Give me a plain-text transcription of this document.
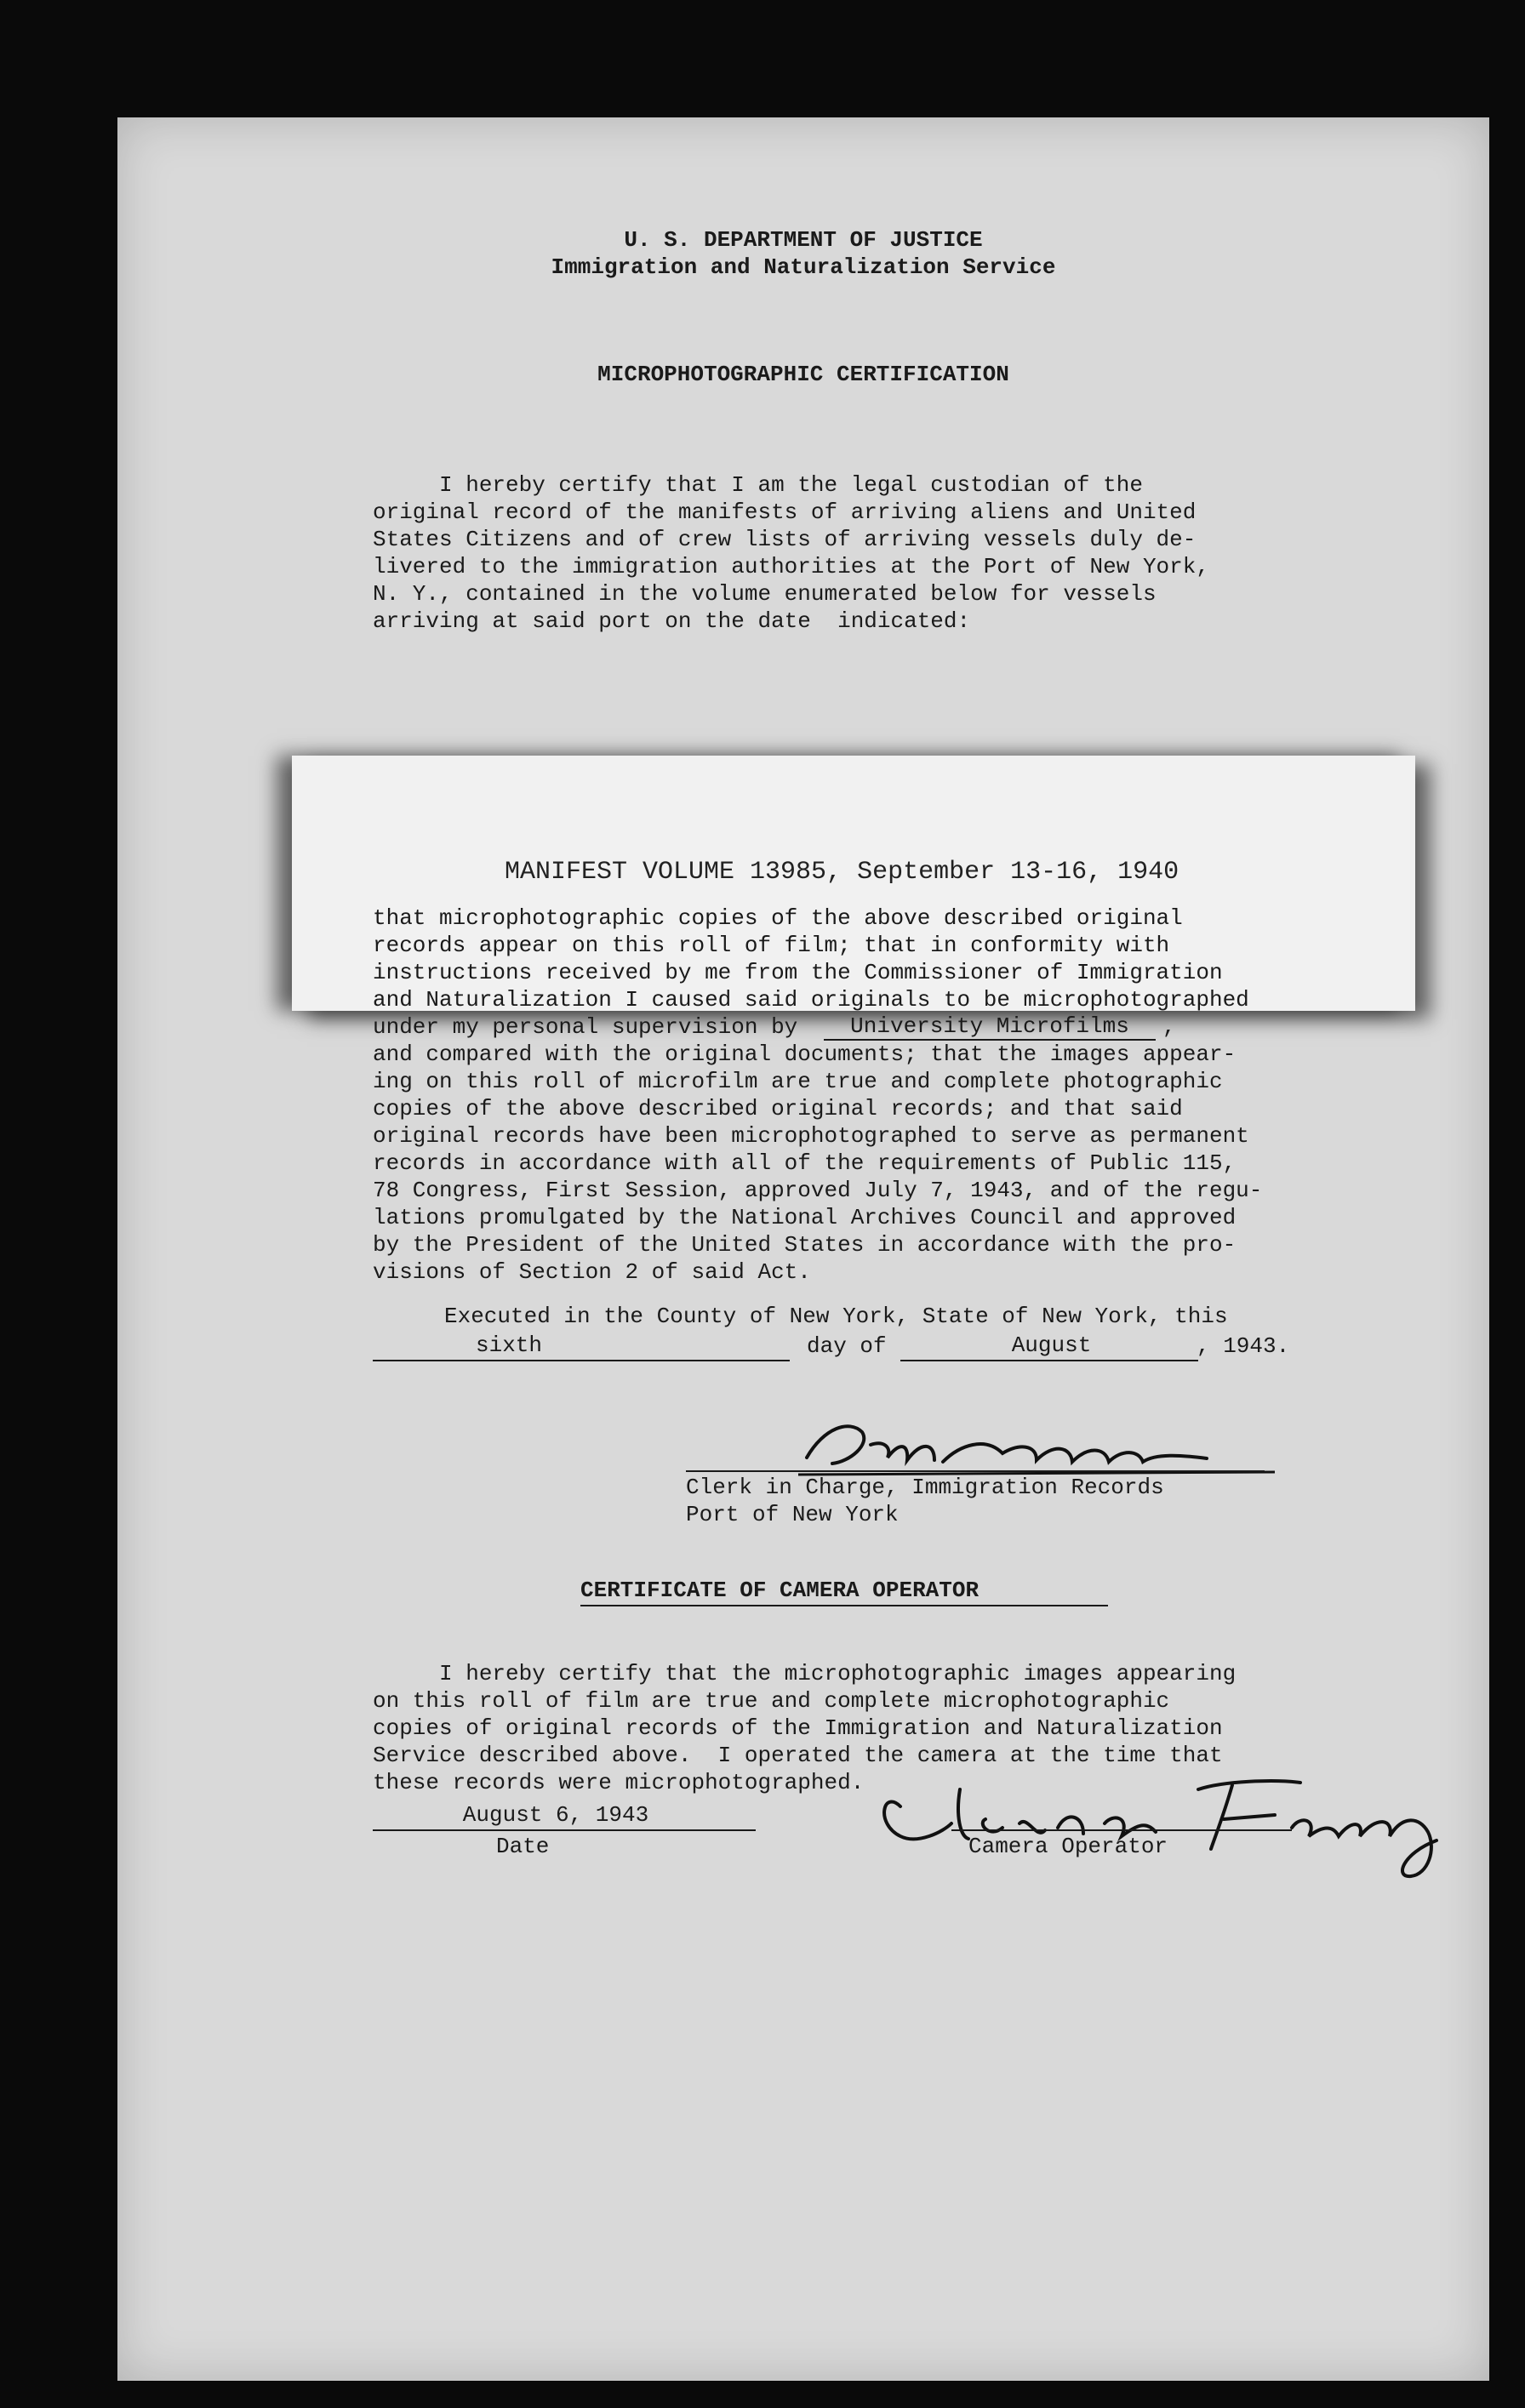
U. S. DEPARTMENT OF JUSTICE
Immigration and Naturalization Service
MICROPHOTOGRAPHIC CERTIFICATION
I hereby certify that I am the legal custodian of the
original record of the manifests of arriving aliens and United
States Citizens and of crew lists of arriving vessels duly de-
livered to the immigration authorities at the Port of New York,
N. Y., contained in the volume enumerated below for vessels
arriving at said port on the date  indicated:
MANIFEST VOLUME 13985, September 13-16, 1940
that microphotographic copies of the above described original
records appear on this roll of film; that in conformity with
instructions received by me from the Commissioner of Immigration
and Naturalization I caused said originals to be microphotographed
under my personal supervision by
and compared with the original documents; that the images appear-
ing on this roll of microfilm are true and complete photographic
copies of the above described original records; and that said
original records have been microphotographed to serve as permanent
records in accordance with all of the requirements of Public 115,
78 Congress, First Session, approved July 7, 1943, and of the regu-
lations promulgated by the National Archives Council and approved
by the President of the United States in accordance with the pro-
visions of Section 2 of said Act.
University Microfilms	,
Executed in the County of New York, State of New York, this
sixth	day of	August	, 1943.
Clerk in Charge, Immigration Records
Port of New York
CERTIFICATE OF CAMERA OPERATOR
I hereby certify that the microphotographic images appearing
on this roll of film are true and complete microphotographic
copies of original records of the Immigration and Naturalization
Service described above.  I operated the camera at the time that
these records were microphotographed.
August 6, 1943
Date	Camera Operator
